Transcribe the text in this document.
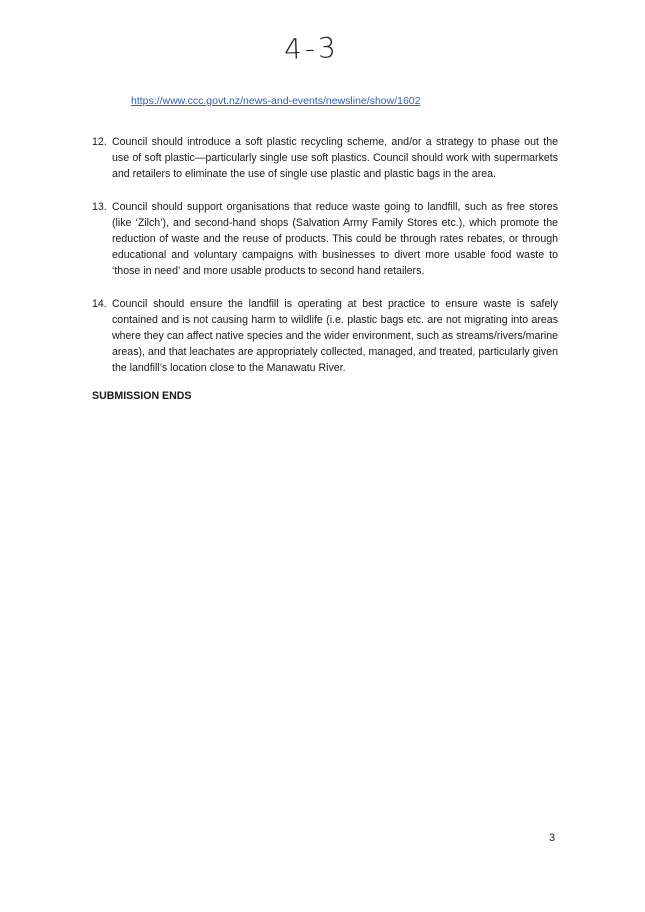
4-3
https://www.ccc.govt.nz/news-and-events/newsline/show/1602
12. Council should introduce a soft plastic recycling scheme, and/or a strategy to phase out the use of soft plastic—particularly single use soft plastics. Council should work with supermarkets and retailers to eliminate the use of single use plastic and plastic bags in the area.
13. Council should support organisations that reduce waste going to landfill, such as free stores (like ‘Zilch’), and second-hand shops (Salvation Army Family Stores etc.), which promote the reduction of waste and the reuse of products. This could be through rates rebates, or through educational and voluntary campaigns with businesses to divert more usable food waste to ‘those in need’ and more usable products to second hand retailers.
14. Council should ensure the landfill is operating at best practice to ensure waste is safely contained and is not causing harm to wildlife (i.e. plastic bags etc. are not migrating into areas where they can affect native species and the wider environment, such as streams/rivers/marine areas), and that leachates are appropriately collected, managed, and treated, particularly given the landfill’s location close to the Manawatu River.
SUBMISSION ENDS
3
